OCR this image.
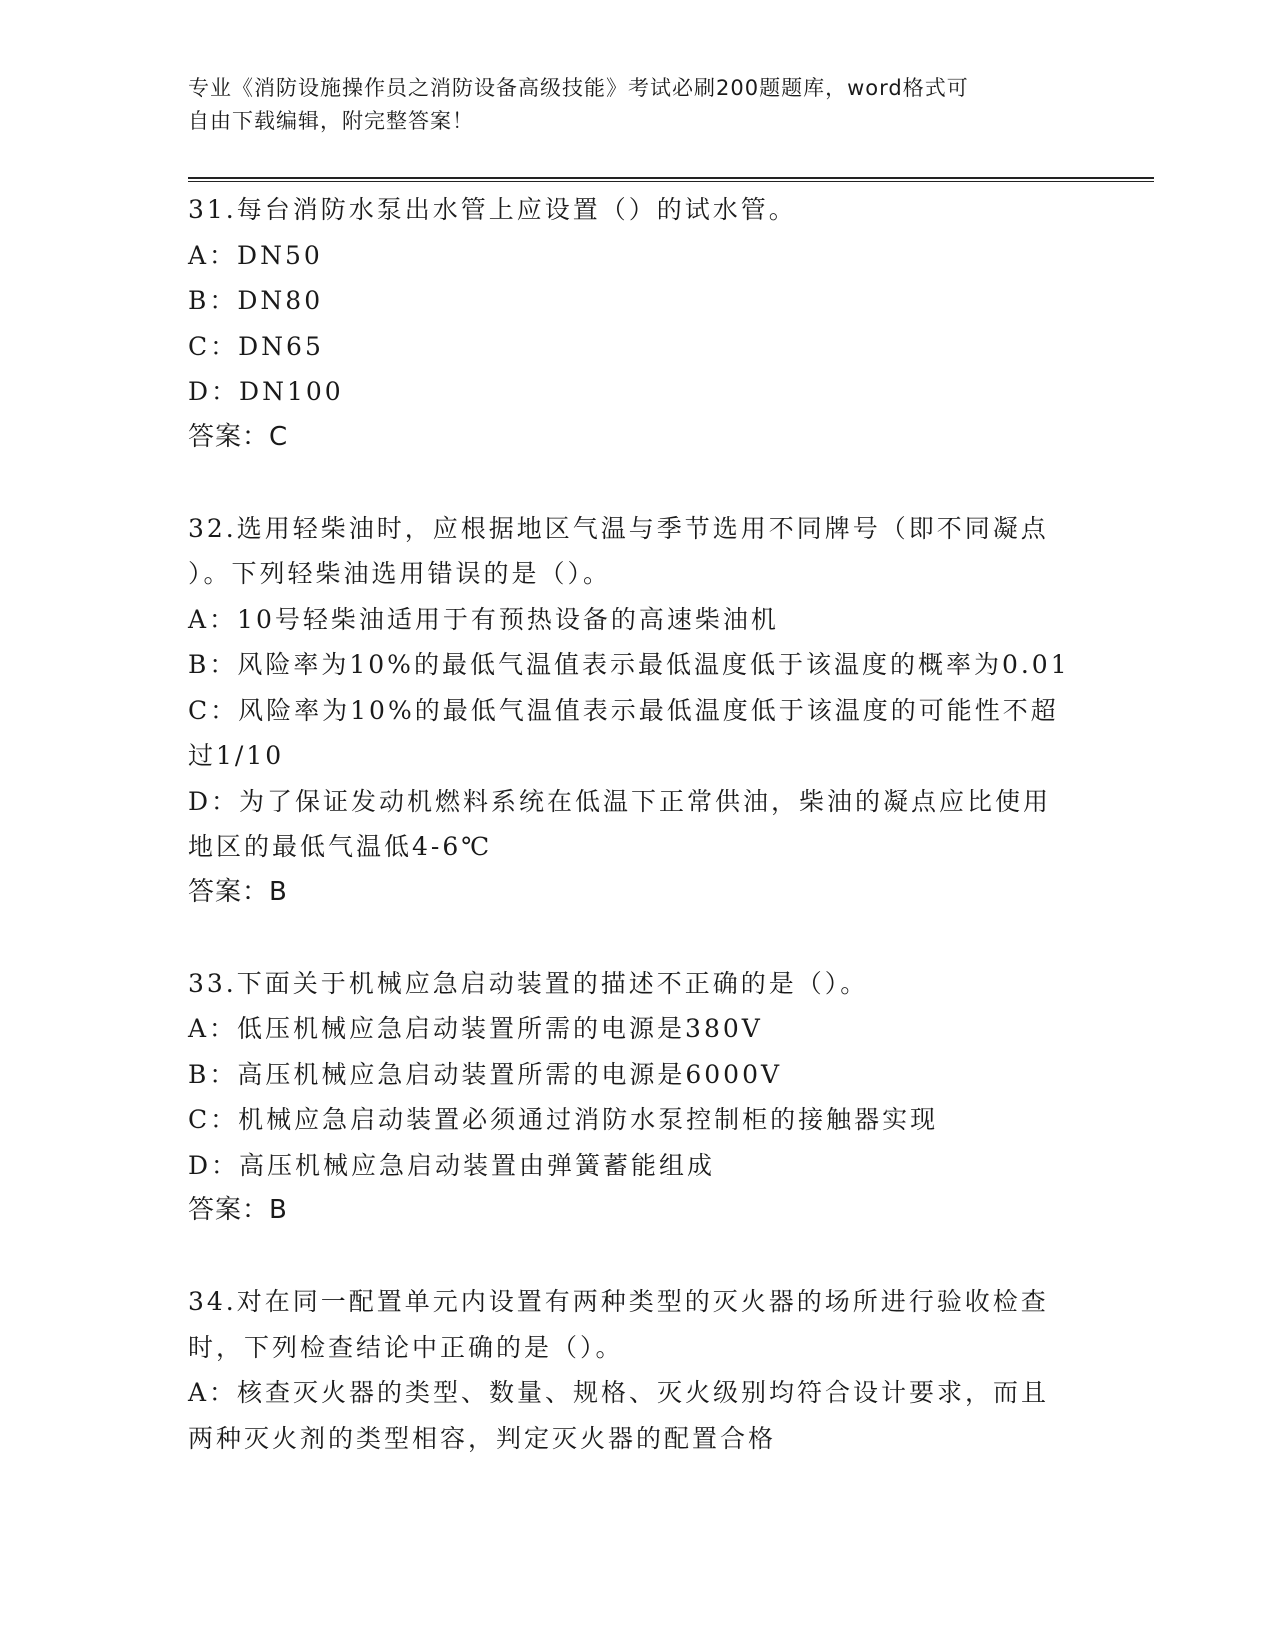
专业《消防设施操作员之消防设备高级技能》考试必刷200题题库，word格式可
自由下载编辑，附完整答案！

31.每台消防水泵出水管上应设置（）的试水管。

A：DN50

B：DN80

C：DN65

D：DN100

答案：C

32.选用轻柴油时，应根据地区气温与季节选用不同牌号（即不同凝点

）。下列轻柴油选用错误的是（）。

A：10号轻柴油适用于有预热设备的高速柴油机

B：风险率为10%的最低气温值表示最低温度低于该温度的概率为0.01

C：风险率为10%的最低气温值表示最低温度低于该温度的可能性不超

过1/10

D：为了保证发动机燃料系统在低温下正常供油，柴油的凝点应比使用

地区的最低气温低4-6℃

答案：B

33.下面关于机械应急启动装置的描述不正确的是（）。

A：低压机械应急启动装置所需的电源是380V

B：高压机械应急启动装置所需的电源是6000V

C：机械应急启动装置必须通过消防水泵控制柜的接触器实现

D：高压机械应急启动装置由弹簧蓄能组成

答案：B

34.对在同一配置单元内设置有两种类型的灭火器的场所进行验收检查

时，下列检查结论中正确的是（）。

A：核查灭火器的类型、数量、规格、灭火级别均符合设计要求，而且

两种灭火剂的类型相容，判定灭火器的配置合格
